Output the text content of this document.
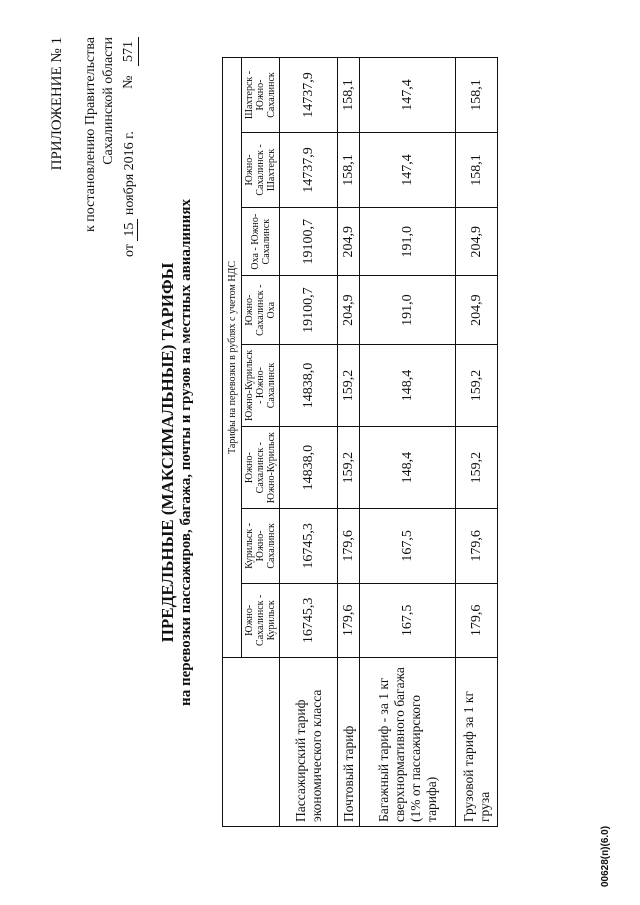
ПРИЛОЖЕНИЕ № 1 к постановлению Правительства Сахалинской области
от 15 ноября 2016 г.
№ 571
ПРЕДЕЛЬНЫЕ (МАКСИМАЛЬНЫЕ) ТАРИФЫ на перевозки пассажиров, багажа, почты и грузов на местных авиалиниях
		Тарифы на перевозки в рублях с учетом НДС							
	Южно-Сахалинск - Курильск	Курильск - Южно-Сахалинск	Южно-Сахалинск - Южно-Курильск	Южно-Курильск - Южно-Сахалинск	Южно-Сахалинск - Оха	Оха - Южно-Сахалинск	Южно-Сахалинск - Шахтерск	Шахтерск - Южно-Сахалинск
Пассажирский тариф экономического класса	16745,3	16745,3	14838,0	14838,0	19100,7	19100,7	14737,9	14737,9
Почтовый тариф	179,6	179,6	159,2	159,2	204,9	204,9	158,1	158,1
Багажный тариф - за 1 кг сверхнормативного багажа (1% от пассажирского тарифа)	167,5	167,5	148,4	148,4	191,0	191,0	147,4	147,4
Грузовой тариф за 1 кг груза	179,6	179,6	159,2	159,2	204,9	204,9	158,1	158,1
00628(п)(6.0)
